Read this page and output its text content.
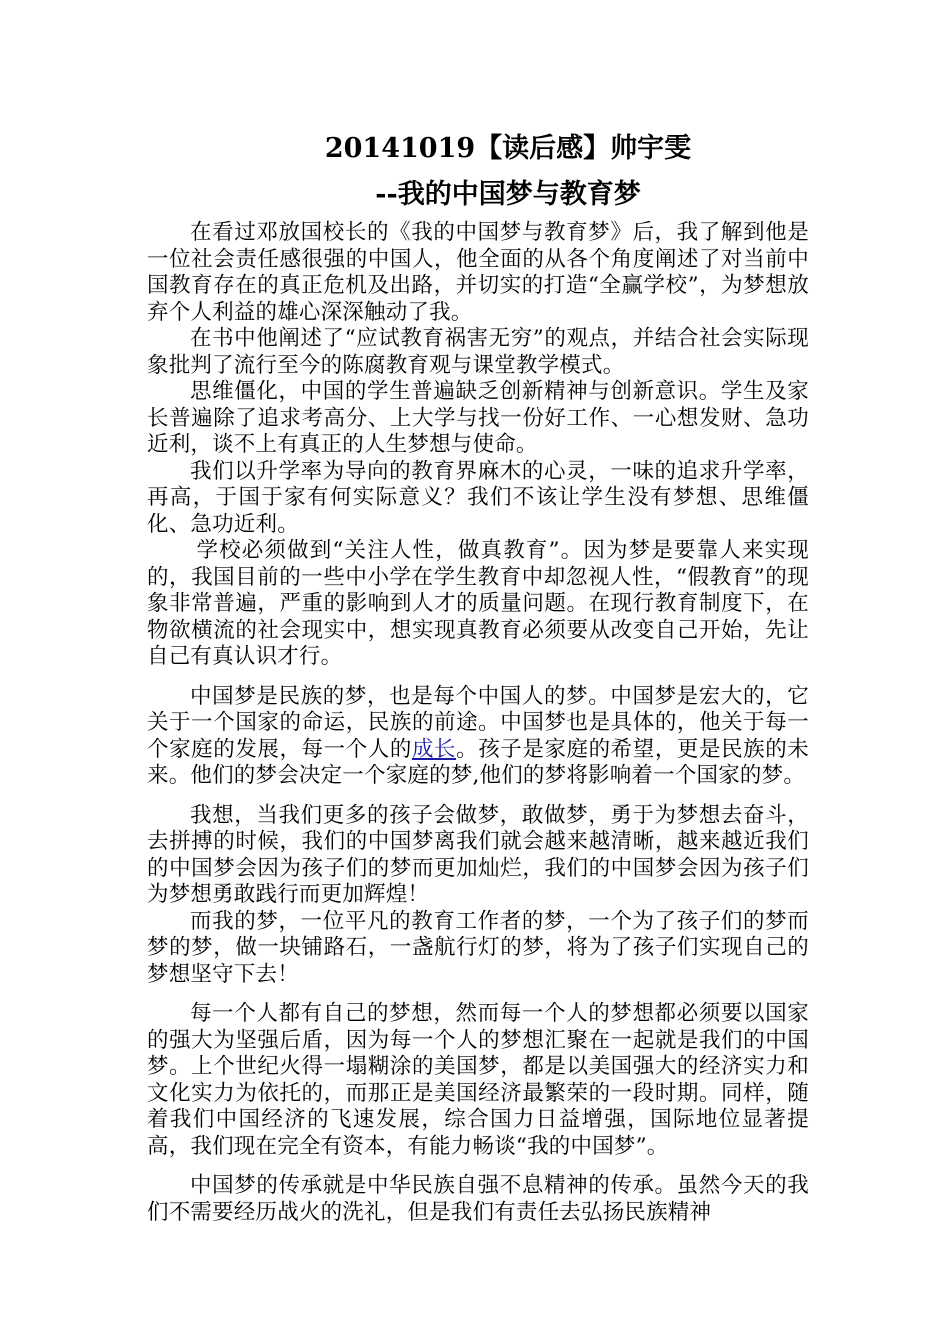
20141019【读后感】帅宇雯
--我的中国梦与教育梦

在看过邓放国校长的《我的中国梦与教育梦》后，我了解到他是一位社会责任感很强的中国人，他全面的从各个角度阐述了对当前中国教育存在的真正危机及出路，并切实的打造“全赢学校”，为梦想放弃个人利益的雄心深深触动了我。

在书中他阐述了“应试教育祸害无穷”的观点，并结合社会实际现象批判了流行至今的陈腐教育观与课堂教学模式。

思维僵化，中国的学生普遍缺乏创新精神与创新意识。学生及家长普遍除了追求考高分、上大学与找一份好工作、一心想发财、急功近利，谈不上有真正的人生梦想与使命。

我们以升学率为导向的教育界麻木的心灵，一味的追求升学率，再高，于国于家有何实际意义？我们不该让学生没有梦想、思维僵化、急功近利。

学校必须做到“关注人性，做真教育”。因为梦是要靠人来实现的，我国目前的一些中小学在学生教育中却忽视人性，“假教育”的现象非常普遍，严重的影响到人才的质量问题。在现行教育制度下，在物欲横流的社会现实中，想实现真教育必须要从改变自己开始，先让自己有真认识才行。

中国梦是民族的梦，也是每个中国人的梦。中国梦是宏大的，它关于一个国家的命运，民族的前途。中国梦也是具体的，他关于每一个家庭的发展，每一个人的成长。孩子是家庭的希望，更是民族的未来。他们的梦会决定一个家庭的梦,他们的梦将影响着一个国家的梦。

我想，当我们更多的孩子会做梦，敢做梦，勇于为梦想去奋斗，去拼搏的时候，我们的中国梦离我们就会越来越清晰，越来越近我们的中国梦会因为孩子们的梦而更加灿烂，我们的中国梦会因为孩子们为梦想勇敢践行而更加辉煌！

而我的梦，一位平凡的教育工作者的梦，一个为了孩子们的梦而梦的梦，做一块铺路石，一盏航行灯的梦，将为了孩子们实现自己的梦想坚守下去！

每一个人都有自己的梦想，然而每一个人的梦想都必须要以国家的强大为坚强后盾，因为每一个人的梦想汇聚在一起就是我们的中国梦。上个世纪火得一塌糊涂的美国梦，都是以美国强大的经济实力和文化实力为依托的，而那正是美国经济最繁荣的一段时期。同样，随着我们中国经济的飞速发展，综合国力日益增强，国际地位显著提高，我们现在完全有资本，有能力畅谈“我的中国梦”。

中国梦的传承就是中华民族自强不息精神的传承。虽然今天的我们不需要经历战火的洗礼，但是我们有责任去弘扬民族精神
